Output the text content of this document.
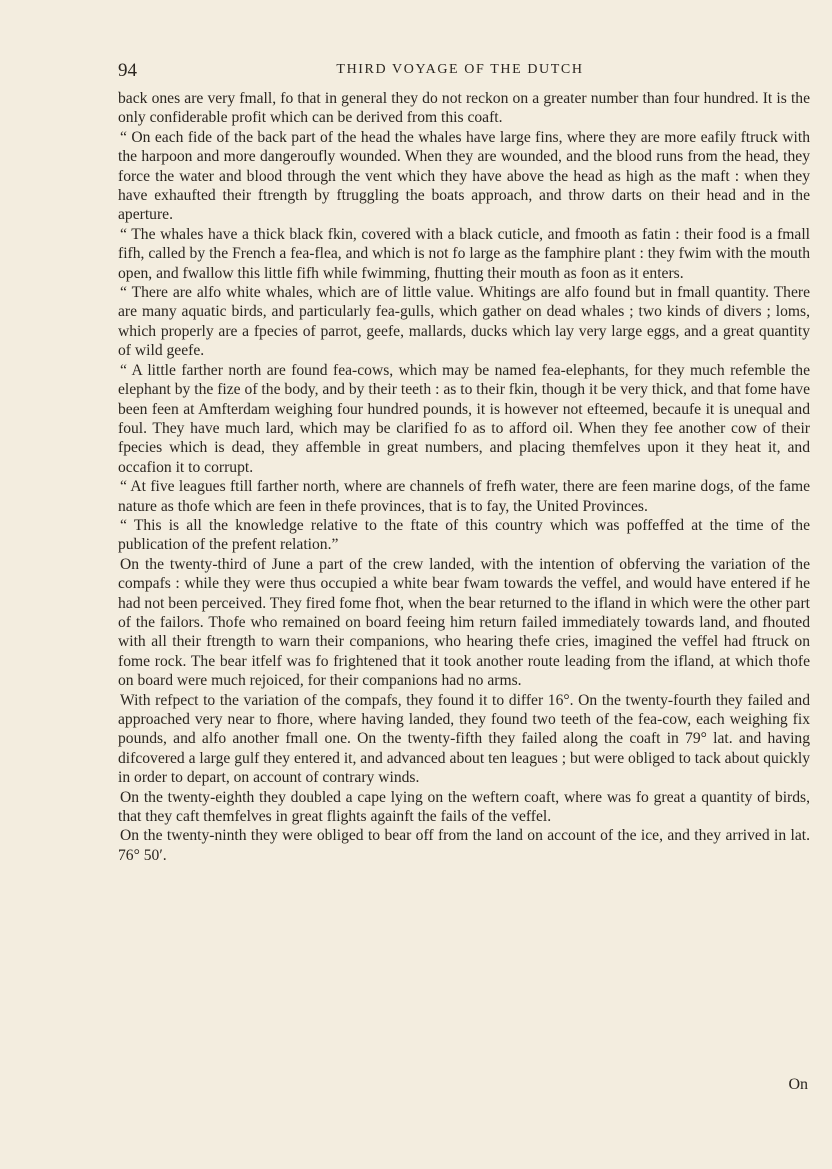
94	THIRD VOYAGE OF THE DUTCH

back ones are very fmall, fo that in general they do not reckon on a greater number than four hundred. It is the only confiderable profit which can be derived from this coaft.

“ On each fide of the back part of the head the whales have large fins, where they are more eafily ftruck with the harpoon and more dangeroufly wounded. When they are wounded, and the blood runs from the head, they force the water and blood through the vent which they have above the head as high as the maft : when they have exhaufted their ftrength by ftruggling the boats approach, and throw darts on their head and in the aperture.

“ The whales have a thick black fkin, covered with a black cuticle, and fmooth as fatin : their food is a fmall fifh, called by the French a fea-flea, and which is not fo large as the famphire plant : they fwim with the mouth open, and fwallow this little fifh while fwimming, fhutting their mouth as foon as it enters.

“ There are alfo white whales, which are of little value. Whitings are alfo found but in fmall quantity. There are many aquatic birds, and particularly fea-gulls, which gather on dead whales ; two kinds of divers ; loms, which properly are a fpecies of parrot, geefe, mallards, ducks which lay very large eggs, and a great quantity of wild geefe.

“ A little farther north are found fea-cows, which may be named fea-elephants, for they much refemble the elephant by the fize of the body, and by their teeth : as to their fkin, though it be very thick, and that fome have been feen at Amfterdam weighing four hundred pounds, it is however not efteemed, becaufe it is unequal and foul. They have much lard, which may be clarified fo as to afford oil. When they fee another cow of their fpecies which is dead, they affemble in great numbers, and placing themfelves upon it they heat it, and occafion it to corrupt.

“ At five leagues ftill farther north, where are channels of frefh water, there are feen marine dogs, of the fame nature as thofe which are feen in thefe provinces, that is to fay, the United Provinces.

“ This is all the knowledge relative to the ftate of this country which was poffeffed at the time of the publication of the prefent relation.”

On the twenty-third of June a part of the crew landed, with the intention of obferving the variation of the compafs : while they were thus occupied a white bear fwam towards the veffel, and would have entered if he had not been perceived. They fired fome fhot, when the bear returned to the ifland in which were the other part of the failors. Thofe who remained on board feeing him return failed immediately towards land, and fhouted with all their ftrength to warn their companions, who hearing thefe cries, imagined the veffel had ftruck on fome rock. The bear itfelf was fo frightened that it took another route leading from the ifland, at which thofe on board were much rejoiced, for their companions had no arms.

With refpect to the variation of the compafs, they found it to differ 16°. On the twenty-fourth they failed and approached very near to fhore, where having landed, they found two teeth of the fea-cow, each weighing fix pounds, and alfo another fmall one. On the twenty-fifth they failed along the coaft in 79° lat. and having difcovered a large gulf they entered it, and advanced about ten leagues ; but were obliged to tack about quickly in order to depart, on account of contrary winds.

On the twenty-eighth they doubled a cape lying on the weftern coaft, where was fo great a quantity of birds, that they caft themfelves in great flights againft the fails of the veffel.

On the twenty-ninth they were obliged to bear off from the land on account of the ice, and they arrived in lat. 76° 50′.

On
